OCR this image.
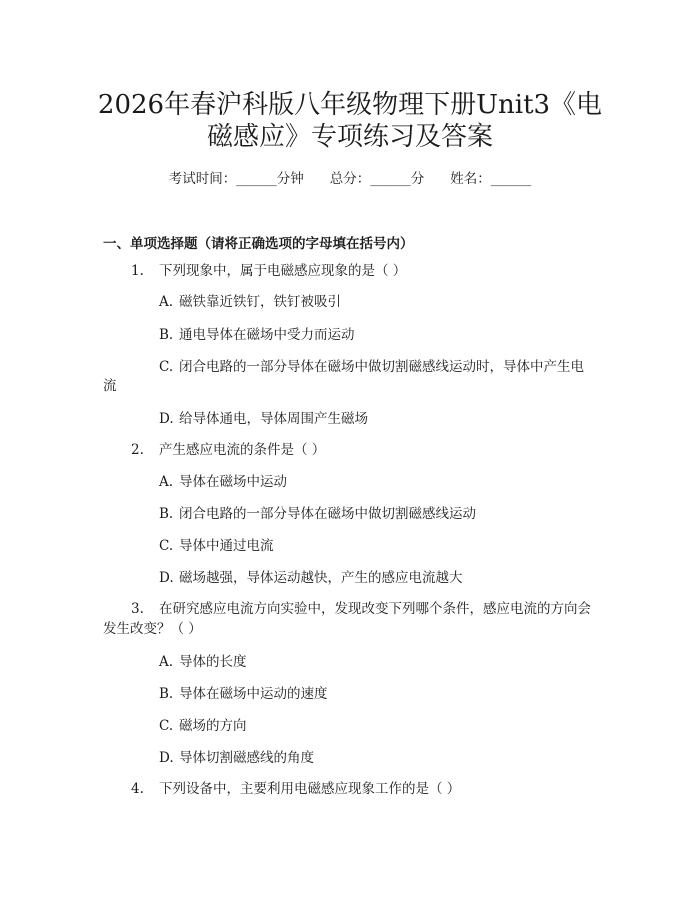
2026年春沪科版八年级物理下册Unit3《电
磁感应》专项练习及答案
考试时间：______分钟 总分：______分 姓名：______
一、单项选择题（请将正确选项的字母填在括号内）
1. 下列现象中，属于电磁感应现象的是（ ）
A. 磁铁靠近铁钉，铁钉被吸引
B. 通电导体在磁场中受力而运动
C. 闭合电路的一部分导体在磁场中做切割磁感线运动时，导体中产生电
流
D. 给导体通电，导体周围产生磁场
2. 产生感应电流的条件是（ ）
A. 导体在磁场中运动
B. 闭合电路的一部分导体在磁场中做切割磁感线运动
C. 导体中通过电流
D. 磁场越强，导体运动越快，产生的感应电流越大
3. 在研究感应电流方向实验中，发现改变下列哪个条件，感应电流的方向会
发生改变？（ ）
A. 导体的长度
B. 导体在磁场中运动的速度
C. 磁场的方向
D. 导体切割磁感线的角度
4. 下列设备中，主要利用电磁感应现象工作的是（ ）
